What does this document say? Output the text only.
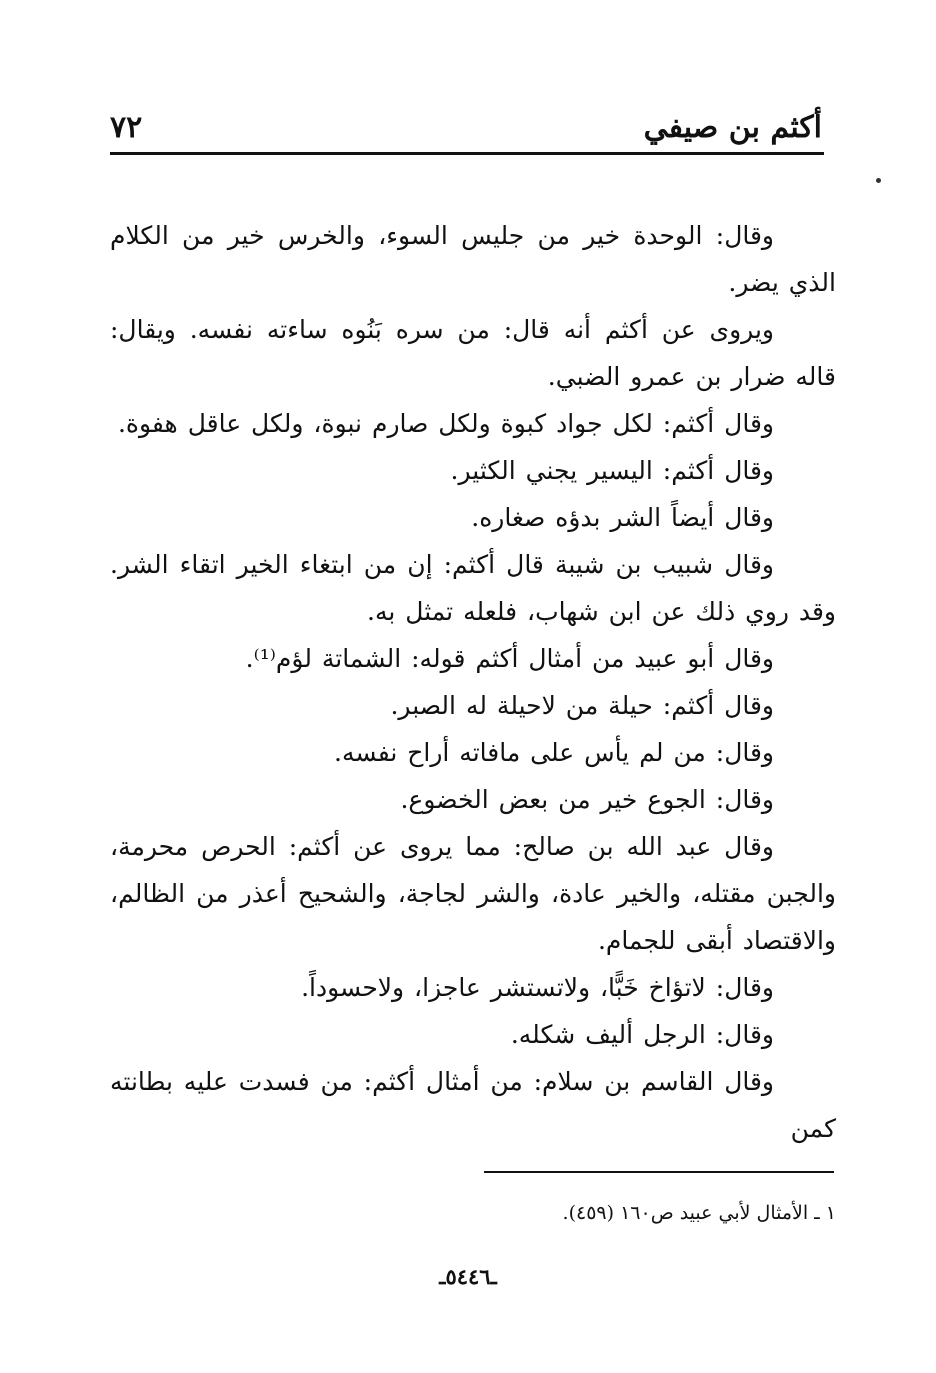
أكثم بن صيفي
٧٢

وقال: الوحدة خير من جليس السوء، والخرس خير من الكلام الذي يضر.

ويروى عن أكثم أنه قال: من سره بَنُوه ساءته نفسه. ويقال: قاله ضرار بن عمرو الضبي.

وقال أكثم: لكل جواد كبوة ولكل صارم نبوة، ولكل عاقل هفوة.

وقال أكثم: اليسير يجني الكثير.

وقال أيضاً الشر بدؤه صغاره.

وقال شبيب بن شيبة قال أكثم: إن من ابتغاء الخير اتقاء الشر. وقد روي ذلك عن ابن شهاب، فلعله تمثل به.

وقال أبو عبيد من أمثال أكثم قوله: الشماتة لؤم⁽¹⁾.

وقال أكثم: حيلة من لاحيلة له الصبر.

وقال: من لم يأس على مافاته أراح نفسه.

وقال: الجوع خير من بعض الخضوع.

وقال عبد الله بن صالح: مما يروى عن أكثم: الحرص محرمة، والجبن مقتله، والخير عادة، والشر لجاجة، والشحيح أعذر من الظالم، والاقتصاد أبقى للجمام.

وقال: لاتؤاخ خَبًّا، ولاتستشر عاجزا، ولاحسوداً.

وقال: الرجل أليف شكله.

وقال القاسم بن سلام: من أمثال أكثم: من فسدت عليه بطانته كمن

١ ـ الأمثال لأبي عبيد ص١٦٠ (٤٥٩).

ـ٥٤٤٦ـ
